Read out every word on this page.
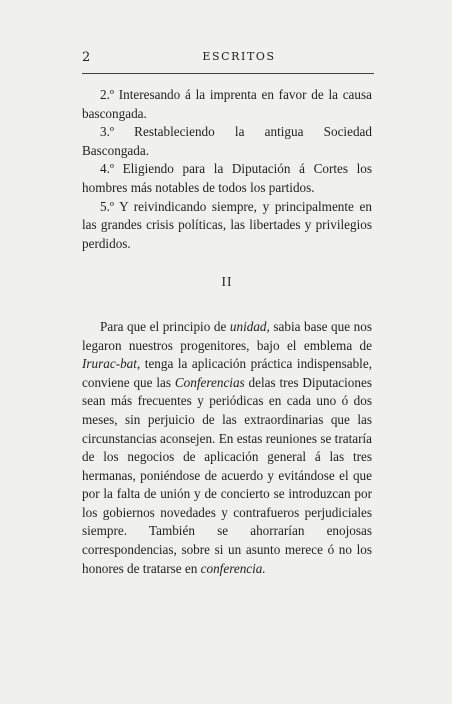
2	ESCRITOS

2.º Interesando á la imprenta en favor de la causa bascongada.

3.º Restableciendo la antigua Sociedad Bascongada.

4.º Eligiendo para la Diputación á Cortes los hombres más notables de todos los partidos.

5.º Y reivindicando siempre, y principalmente en las grandes crisis políticas, las libertades y privilegios perdidos.

II

Para que el principio de unidad, sabia base que nos legaron nuestros progenitores, bajo el emblema de Irurac-bat, tenga la aplicación práctica indispensable, conviene que las Conferencias delas tres Diputaciones sean más frecuentes y periódicas en cada uno ó dos meses, sin perjuicio de las extraordinarias que las circunstancias aconsejen. En estas reuniones se trataría de los negocios de aplicación general á las tres hermanas, poniéndose de acuerdo y evitándose el que por la falta de unión y de concierto se introduzcan por los gobiernos novedades y contrafueros perjudiciales siempre. También se ahorrarían enojosas correspondencias, sobre si un asunto merece ó no los honores de tratarse en conferencia.
